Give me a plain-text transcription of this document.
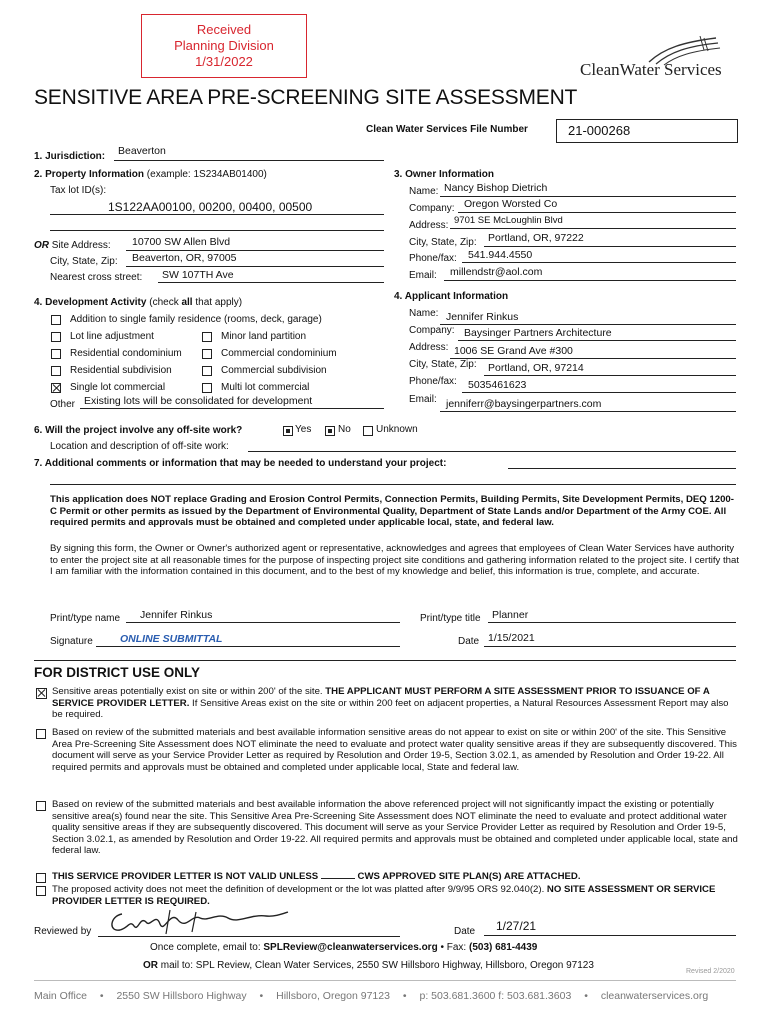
Received
Planning Division
1/31/2022	CleanWater Services
SENSITIVE AREA PRE-SCREENING SITE ASSESSMENT
Clean Water Services File Number	21-000268
1. Jurisdiction: Beaverton
2. Property Information (example: 1S234AB01400)
Tax lot ID(s):
1S122AA00100, 00200, 00400, 00500
OR Site Address: 10700 SW Allen Blvd
City, State, Zip: Beaverton, OR, 97005
Nearest cross street: SW 107TH Ave
3. Owner Information
Name: Nancy Bishop Dietrich
Company: Oregon Worsted Co
Address: 9701 SE McLoughlin Blvd
City, State, Zip: Portland, OR, 97222
Phone/fax: 541.944.4550
Email: millendstr@aol.com
4. Development Activity (check all that apply)
Addition to single family residence (rooms, deck, garage)
Lot line adjustment	Minor land partition
Residential condominium	Commercial condominium
Residential subdivision	Commercial subdivision
Single lot commercial	Multi lot commercial
Other Existing lots will be consolidated for development
4. Applicant Information
Name: Jennifer Rinkus
Company: Baysinger Partners Architecture
Address: 1006 SE Grand Ave #300
City, State, Zip: Portland, OR, 97214
Phone/fax: 5035461623
Email: jenniferr@baysingerpartners.com
6. Will the project involve any off-site work?	Yes	No	Unknown
Location and description of off-site work:
7. Additional comments or information that may be needed to understand your project:
This application does NOT replace Grading and Erosion Control Permits, Connection Permits, Building Permits, Site Development Permits, DEQ 1200-C Permit or other permits as issued by the Department of Environmental Quality, Department of State Lands and/or Department of the Army COE. All required permits and approvals must be obtained and completed under applicable local, state, and federal law.
By signing this form, the Owner or Owner's authorized agent or representative, acknowledges and agrees that employees of Clean Water Services have authority to enter the project site at all reasonable times for the purpose of inspecting project site conditions and gathering information related to the project site. I certify that I am familiar with the information contained in this document, and to the best of my knowledge and belief, this information is true, complete, and accurate.
Print/type name Jennifer Rinkus	Print/type title Planner
Signature	ONLINE SUBMITTAL	Date 1/15/2021
FOR DISTRICT USE ONLY
Sensitive areas potentially exist on site or within 200' of the site. THE APPLICANT MUST PERFORM A SITE ASSESSMENT PRIOR TO ISSUANCE OF A SERVICE PROVIDER LETTER. If Sensitive Areas exist on the site or within 200 feet on adjacent properties, a Natural Resources Assessment Report may also be required.
Based on review of the submitted materials and best available information sensitive areas do not appear to exist on site or within 200' of the site. This Sensitive Area Pre-Screening Site Assessment does NOT eliminate the need to evaluate and protect water quality sensitive areas if they are subsequently discovered. This document will serve as your Service Provider Letter as required by Resolution and Order 19-5, Section 3.02.1, as amended by Resolution and Order 19-22. All required permits and approvals must be obtained and completed under applicable local, State and federal law.
Based on review of the submitted materials and best available information the above referenced project will not significantly impact the existing or potentially sensitive area(s) found near the site. This Sensitive Area Pre-Screening Site Assessment does NOT eliminate the need to evaluate and protect additional water quality sensitive areas if they are subsequently discovered. This document will serve as your Service Provider Letter as required by Resolution and Order 19-5, Section 3.02.1, as amended by Resolution and Order 19-22. All required permits and approvals must be obtained and completed under applicable local, state and federal law.
THIS SERVICE PROVIDER LETTER IS NOT VALID UNLESS	CWS APPROVED SITE PLAN(S) ARE ATTACHED.
The proposed activity does not meet the definition of development or the lot was platted after 9/9/95 ORS 92.040(2). NO SITE ASSESSMENT OR SERVICE PROVIDER LETTER IS REQUIRED.
Reviewed by	Date 1/27/21
Once complete, email to: SPLReview@cleanwaterservices.org • Fax: (503) 681-4439
OR mail to: SPL Review, Clean Water Services, 2550 SW Hillsboro Highway, Hillsboro, Oregon 97123
Revised 2/2020
Main Office • 2550 SW Hillsboro Highway • Hillsboro, Oregon 97123 • p: 503.681.3600 f: 503.681.3603 • cleanwaterservices.org
